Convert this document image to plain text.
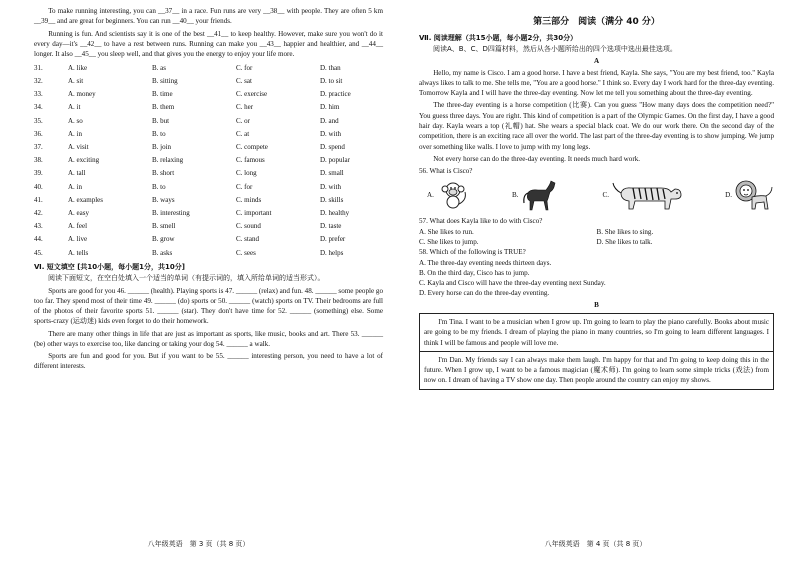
To make running interesting, you can __37__ in a race. Fun runs are very __38__ with people. They are often 5 km __39__ and are great for beginners. You can run __40__ your friends.

Running is fun. And scientists say it is one of the best __41__ to keep healthy. However, make sure you won't do it every day—it's __42__ to have a rest between runs. Running can make you __43__ happier and healthier, and __44__ longer. It also __45__ you sleep well, and that gives you the energy to enjoy your life more.

31.	A. like	B. as	C. for	D. than
32.	A. sit	B. sitting	C. sat	D. to sit
33.	A. money	B. time	C. exercise	D. practice
34.	A. it	B. them	C. her	D. him
35.	A. so	B. but	C. or	D. and
36.	A. in	B. to	C. at	D. with
37.	A. visit	B. join	C. compete	D. spend
38.	A. exciting	B. relaxing	C. famous	D. popular
39.	A. tall	B. short	C. long	D. small
40.	A. in	B. to	C. for	D. with
41.	A. examples	B. ways	C. minds	D. skills
42.	A. easy	B. interesting	C. important	D. healthy
43.	A. feel	B. smell	C. sound	D. taste
44.	A. live	B. grow	C. stand	D. prefer
45.	A. tells	B. asks	C. sees	D. helps

Ⅵ. 短文填空 [共10小题，每小题1分，共10分]

阅读下面短文，在空白处填入一个适当的单词（有提示词的，填入所给单词的适当形式）。

Sports are good for you 46. ______ (health). Playing sports is 47. ______ (relax) and fun. 48. ______ some people go too far. They spend most of their time 49. ______ (do) sports or 50. ______ (watch) sports on TV. Their bedrooms are full of the photos of their favorite sports 51. ______ (star). They don't have time for 52. ______ (something) else. Some sports-crazy (运动迷) kids even forget to do their homework.

There are many other things in life that are just as important as sports, like music, books and art. There 53. ______ (be) other ways to exercise too, like dancing or taking your dog 54. ______ a walk.

Sports are fun and good for you. But if you want to be 55. ______ interesting person, you need to have a lot of different interests.

八年级英语　第 3 页（共 8 页）
第三部分　阅读（满分 40 分）

Ⅶ. 阅读理解（共15小题，每小题2分，共30分）

阅读A、B、C、D四篇材料，然后从各小题所给出的四个选项中选出最佳选项。

A

Hello, my name is Cisco. I am a good horse. I have a best friend, Kayla. She says, "You are my best friend, too." Kayla always likes to talk to me. She tells me, "You are a good horse." I think so. Every day I work hard for the three-day eventing. Tomorrow Kayla and I will have the three-day eventing. Now let me tell you something about the three-day eventing.

The three-day eventing is a horse competition (比赛). Can you guess "How many days does the competition need?" You guess three days. You are right. This kind of competition is a part of the Olympic Games. On the first day, I have a good hair day. Kayla wears a top (礼帽) hat. She wears a special black coat. We do our work there. On the second day of the competition, there is an exciting race all over the world. The last part of the three-day eventing is to show jumping. We jump over something like walls. I love to jump with my long legs.

Not every horse can do the three-day eventing. It needs much hard work.

56. What is Cisco?

A.	B.	C.	D.

57. What does Kayla like to do with Cisco?

A. She likes to run.	B. She likes to sing.
C. She likes to jump.	D. She likes to talk.

58. Which of the following is TRUE?

A. The three-day eventing needs thirteen days.

B. On the third day, Cisco has to jump.

C. Kayla and Cisco will have the three-day eventing next Sunday.

D. Every horse can do the three-day eventing.

B

I'm Tina. I want to be a musician when I grow up. I'm going to learn to play the piano carefully. Books about music are going to be my friends. I dream of playing the piano in many countries, so I'm going to learn different languages. I think I will be famous and people will love me.

I'm Dan. My friends say I can always make them laugh. I'm happy for that and I'm going to keep doing this in the future. When I grow up, I want to be a famous magician (魔术师). I'm going to learn some simple tricks (戏法) from now on. I dream of having a TV show one day. Then people around the country can enjoy my shows.

八年级英语　第 4 页（共 8 页）
